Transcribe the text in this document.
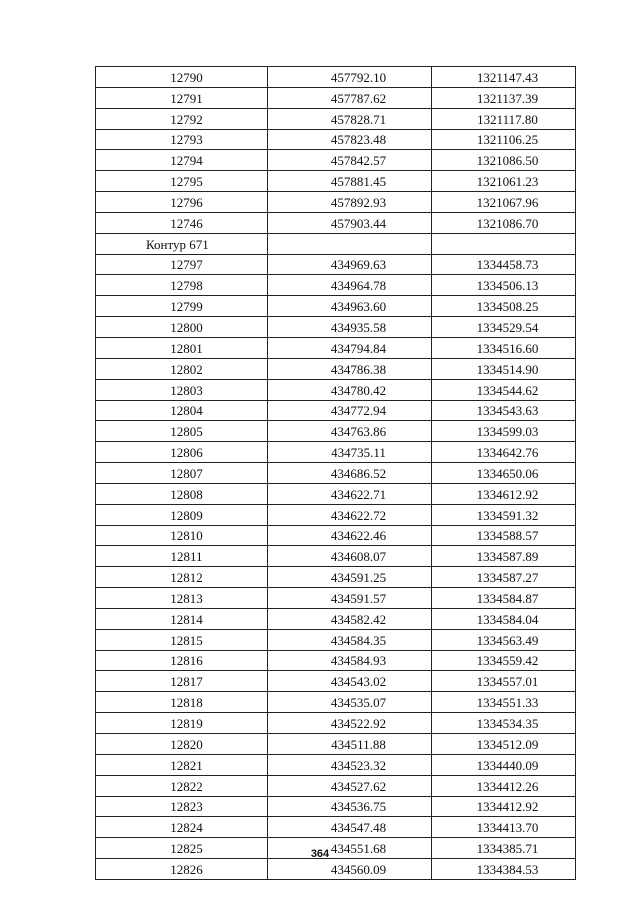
12790	457792.10	1321147.43
12791	457787.62	1321137.39
12792	457828.71	1321117.80
12793	457823.48	1321106.25
12794	457842.57	1321086.50
12795	457881.45	1321061.23
12796	457892.93	1321067.96
12746	457903.44	1321086.70
Контур 671		
12797	434969.63	1334458.73
12798	434964.78	1334506.13
12799	434963.60	1334508.25
12800	434935.58	1334529.54
12801	434794.84	1334516.60
12802	434786.38	1334514.90
12803	434780.42	1334544.62
12804	434772.94	1334543.63
12805	434763.86	1334599.03
12806	434735.11	1334642.76
12807	434686.52	1334650.06
12808	434622.71	1334612.92
12809	434622.72	1334591.32
12810	434622.46	1334588.57
12811	434608.07	1334587.89
12812	434591.25	1334587.27
12813	434591.57	1334584.87
12814	434582.42	1334584.04
12815	434584.35	1334563.49
12816	434584.93	1334559.42
12817	434543.02	1334557.01
12818	434535.07	1334551.33
12819	434522.92	1334534.35
12820	434511.88	1334512.09
12821	434523.32	1334440.09
12822	434527.62	1334412.26
12823	434536.75	1334412.92
12824	434547.48	1334413.70
12825	434551.68	1334385.71
12826	434560.09	1334384.53
364
